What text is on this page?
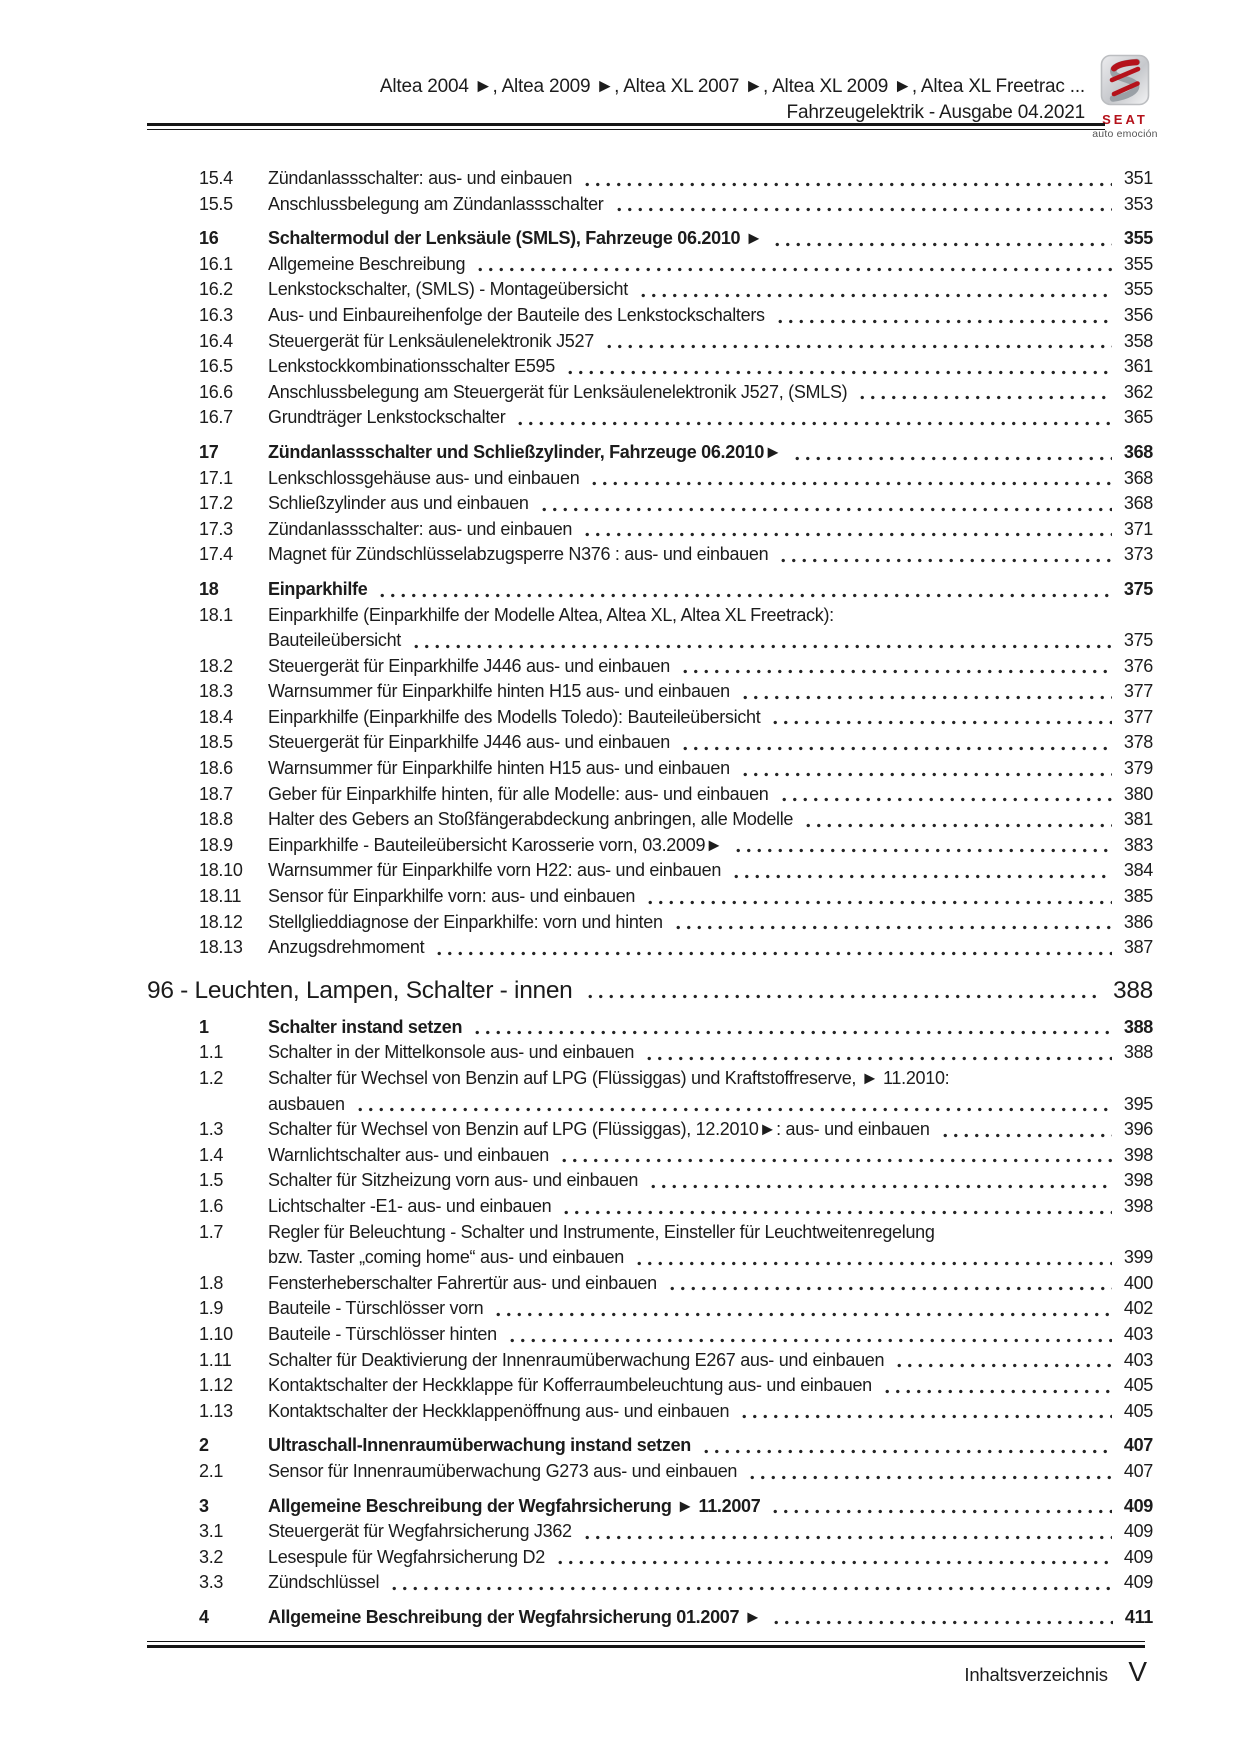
Altea 2004 ►, Altea 2009 ►, Altea XL 2007 ►, Altea XL 2009 ►, Altea XL Freetrac ...
Fahrzeugelektrik - Ausgabe 04.2021	SEAT
auto emoción
15.4	Zündanlassschalter: aus- und einbauen	351
15.5	Anschlussbelegung am Zündanlassschalter	353
16	Schaltermodul der Lenksäule (SMLS), Fahrzeuge 06.2010 ►	355
16.1	Allgemeine Beschreibung	355
16.2	Lenkstockschalter, (SMLS) - Montageübersicht	355
16.3	Aus- und Einbaureihenfolge der Bauteile des Lenkstockschalters	356
16.4	Steuergerät für Lenksäulenelektronik J527	358
16.5	Lenkstockkombinationsschalter E595	361
16.6	Anschlussbelegung am Steuergerät für Lenksäulenelektronik J527, (SMLS)	362
16.7	Grundträger Lenkstockschalter	365
17	Zündanlassschalter und Schließzylinder, Fahrzeuge 06.2010►	368
17.1	Lenkschlossgehäuse aus- und einbauen	368
17.2	Schließzylinder aus und einbauen	368
17.3	Zündanlassschalter: aus- und einbauen	371
17.4	Magnet für Zündschlüsselabzugsperre N376 : aus- und einbauen	373
18	Einparkhilfe	375
18.1	Einparkhilfe (Einparkhilfe der Modelle Altea, Altea XL, Altea XL Freetrack):
Bauteileübersicht	375
18.2	Steuergerät für Einparkhilfe J446 aus- und einbauen	376
18.3	Warnsummer für Einparkhilfe hinten H15 aus- und einbauen	377
18.4	Einparkhilfe (Einparkhilfe des Modells Toledo): Bauteileübersicht	377
18.5	Steuergerät für Einparkhilfe J446 aus- und einbauen	378
18.6	Warnsummer für Einparkhilfe hinten H15 aus- und einbauen	379
18.7	Geber für Einparkhilfe hinten, für alle Modelle: aus- und einbauen	380
18.8	Halter des Gebers an Stoßfängerabdeckung anbringen, alle Modelle	381
18.9	Einparkhilfe - Bauteileübersicht Karosserie vorn, 03.2009►	383
18.10	Warnsummer für Einparkhilfe vorn H22: aus- und einbauen	384
18.11	Sensor für Einparkhilfe vorn: aus- und einbauen	385
18.12	Stellglieddiagnose der Einparkhilfe: vorn und hinten	386
18.13	Anzugsdrehmoment	387
96 - Leuchten, Lampen, Schalter - innen	388
1	Schalter instand setzen	388
1.1	Schalter in der Mittelkonsole aus- und einbauen	388
1.2	Schalter für Wechsel von Benzin auf LPG (Flüssiggas) und Kraftstoffreserve, ► 11.2010:
ausbauen	395
1.3	Schalter für Wechsel von Benzin auf LPG (Flüssiggas), 12.2010►: aus- und einbauen	396
1.4	Warnlichtschalter aus- und einbauen	398
1.5	Schalter für Sitzheizung vorn aus- und einbauen	398
1.6	Lichtschalter -E1- aus- und einbauen	398
1.7	Regler für Beleuchtung - Schalter und Instrumente, Einsteller für Leuchtweitenregelung
bzw. Taster „coming home“ aus- und einbauen	399
1.8	Fensterheberschalter Fahrertür aus- und einbauen	400
1.9	Bauteile - Türschlösser vorn	402
1.10	Bauteile - Türschlösser hinten	403
1.11	Schalter für Deaktivierung der Innenraumüberwachung E267 aus- und einbauen	403
1.12	Kontaktschalter der Heckklappe für Kofferraumbeleuchtung aus- und einbauen	405
1.13	Kontaktschalter der Heckklappenöffnung aus- und einbauen	405
2	Ultraschall-Innenraumüberwachung instand setzen	407
2.1	Sensor für Innenraumüberwachung G273 aus- und einbauen	407
3	Allgemeine Beschreibung der Wegfahrsicherung ► 11.2007	409
3.1	Steuergerät für Wegfahrsicherung J362	409
3.2	Lesespule für Wegfahrsicherung D2	409
3.3	Zündschlüssel	409
4	Allgemeine Beschreibung der Wegfahrsicherung 01.2007 ►	411
Inhaltsverzeichnis V
